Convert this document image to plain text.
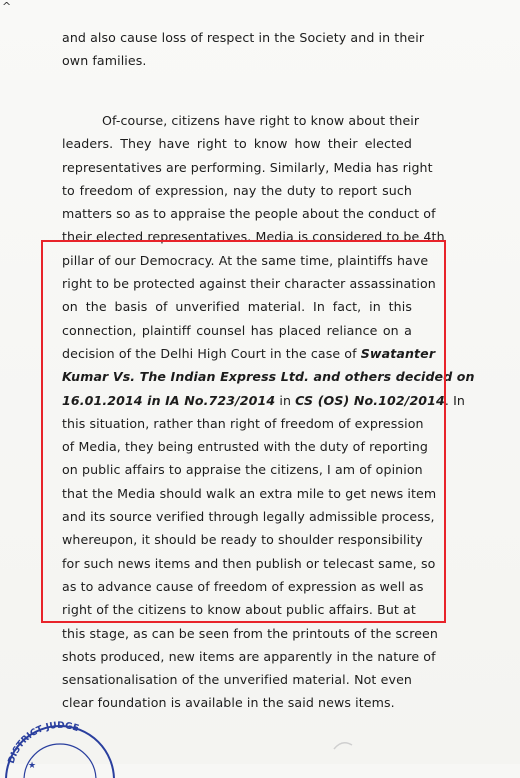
^
and also cause loss of respect in the Society and in their
own families.
Of-course, citizens have right to know about their
leaders. They have right to know how their elected
representatives are performing. Similarly, Media has right
to freedom of expression, nay the duty to report such
matters so as to appraise the people about the conduct of
their elected representatives. Media is considered to be 4th
pillar of our Democracy. At the same time, plaintiffs have
right to be protected against their character assassination
on the basis of unverified material. In fact, in this
connection, plaintiff counsel has placed reliance on a
decision of the Delhi High Court in the case of Swatanter
Kumar Vs. The Indian Express Ltd. and others decided on
16.01.2014 in IA No.723/2014 in CS (OS) No.102/2014. In
this situation, rather than right of freedom of expression
of Media, they being entrusted with the duty of reporting
on public affairs to appraise the citizens, I am of opinion
that the Media should walk an extra mile to get news item
and its source verified through legally admissible process,
whereupon, it should be ready to shoulder responsibility
for such news items and then publish or telecast same, so
as to advance cause of freedom of expression as well as
right of the citizens to know about public affairs. But at
this stage, as can be seen from the printouts of the screen
shots produced, new items are apparently in the nature of
sensationalisation of the unverified material. Not even
clear foundation is available in the said news items.
DISTRICT JUDGE
★
